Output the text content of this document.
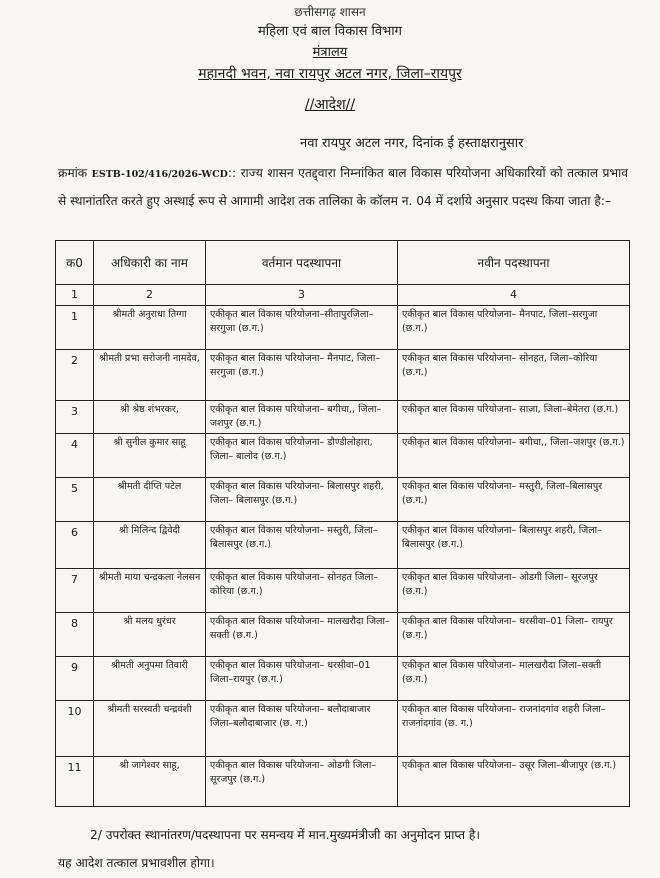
छत्तीसगढ़ शासन
महिला एवं बाल विकास विभाग
मंत्रालय
महानदी भवन, नवा रायपुर अटल नगर, जिला–रायपुर
//आदेश//
नवा रायपुर अटल नगर, दिनांक ई हस्ताक्षरानुसार
क्रमांक ESTB-102/416/2026-WCD:: राज्य शासन एतद्द्वारा निम्नांकित बाल विकास परियोजना अधिकारियों को तत्काल प्रभाव से स्थानांतरित करते हुए अस्थाई रूप से आगामी आदेश तक तालिका के कॉलम न. 04 में दर्शाये अनुसार पदस्थ किया जाता है:–
क0	अधिकारी का नाम	वर्तमान पदस्थापना	नवीन पदस्थापना
1	2	3	4
1	श्रीमती अनुराधा तिग्गा	एकीकृत बाल विकास परियोजना–सीतापुरजिला– सरगुजा (छ.ग.)	एकीकृत बाल विकास परियोजना– मैनपाट, जिला–सरगुजा (छ.ग.)
2	श्रीमती प्रभा सरोजनी नामदेव,	एकीकृत बाल विकास परियोजना– मैनपाट, जिला–सरगुजा (छ.ग.)	एकीकृत बाल विकास परियोजना– सोनहत, जिला–कोरिया (छ.ग.)
3	श्री श्रेष्ठ शंभरकर,	एकीकृत बाल विकास परियोजना– बगीचा,, जिला–जशपुर (छ.ग.)	एकीकृत बाल विकास परियोजना– साजा, जिला–बेमेतरा (छ.ग.)
4	श्री सुनील कुमार साहू	एकीकृत बाल विकास परियोजना– डौण्डीलोहारा, जिला– बालोद (छ.ग.)	एकीकृत बाल विकास परियोजना– बगीचा,, जिला–जशपुर (छ.ग.)
5	श्रीमती दीप्ति पटेल	एकीकृत बाल विकास परियोजना– बिलासपुर शहरी, जिला– बिलासपुर (छ.ग.)	एकीकृत बाल विकास परियोजना– मस्तुरी, जिला–बिलासपुर (छ.ग.)
6	श्री मिलिन्द द्विवेदी	एकीकृत बाल विकास परियोजना– मस्तुरी, जिला–बिलासपुर (छ.ग.)	एकीकृत बाल विकास परियोजना– बिलासपुर शहरी, जिला– बिलासपुर (छ.ग.)
7	श्रीमती माया चन्द्रकला नेलसन	एकीकृत बाल विकास परियोजना– सोनहत जिला–कोरिया (छ.ग.)	एकीकृत बाल विकास परियोजना– ओडगी जिला– सूरजपुर (छ.ग.)
8	श्री मलय धुरंधर	एकीकृत बाल विकास परियोजना– मालखरौदा जिला–सक्ती (छ.ग.)	एकीकृत बाल विकास परियोजना– धरसीवा–01 जिला– रायपुर (छ.ग.)
9	श्रीमती अनुपमा तिवारी	एकीकृत बाल विकास परियोजना– धरसीवा–01 जिला–रायपुर (छ.ग.)	एकीकृत बाल विकास परियोजना– मालखरौदा जिला–सक्ती (छ.ग.)
10	श्रीमती सरस्वती चन्द्रवंशी	एकीकृत बाल विकास परियोजना– बलौदाबाजार जिला–बलौदाबाजार (छ. ग.)	एकीकृत बाल विकास परियोजना– राजनांदगांव शहरी जिला– राजनांदगांव (छ. ग.)
11	श्री जागेश्वर साहू,	एकीकृत बाल विकास परियोजना– ओडगी जिला–सूरजपुर (छ.ग.)	एकीकृत बाल विकास परियोजना– उसूर जिला–बीजापुर (छ.ग.)
2/ उपरोक्त स्थानांतरण/पदस्थापना पर समन्वय में मान.मुख्यमंत्रीजी का अनुमोदन प्राप्त है।
यह आदेश तत्काल प्रभावशील होगा।
